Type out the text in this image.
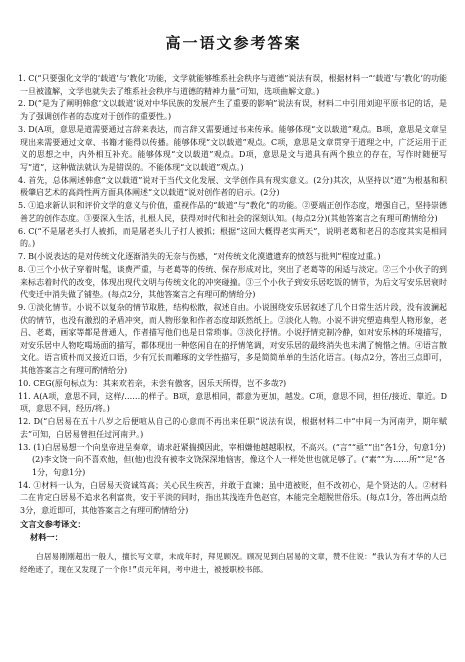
高一语文参考答案

1. C(“只要强化文学的‘载道’与‘教化’功能，文学就能够维系社会秩序与道德”说法有误，根据材料一“‘载道’与‘教化’的功能一旦被滥解，文学也就失去了维系社会秩序与道德的精神力量”可知，选项曲解文意。)

2. D(“是为了阐明韩愈‘文以载道’说对中华民族的发展产生了重要的影响”说法有误，材料二中引用刘迎平原书记的话，是为了强调创作者的态度对于创作的重要性。)

3. D(A项，意思是道需要通过言辞来表达，而言辞又需要通过书来传承。能够体现“文以载道”观点。B项，意思是文章呈现出来需要通过文章、书籍才能得以传播。能够体现“文以载道”观点。C项，意思是文章贯穿于道理之中，广泛运用于正义的思想之中，内外相互补充。能够体现“文以载道”观点。D项，意思是文与道具有两个独立的存在，写作时随便写写“道”，这种做法就认为是错误的。不能体现“文以载道”观点。)

4. 首先，总体阐述韩愈“文以载道”说对于当代文化发展、文学创作具有现实意义。(2分)其次，从坚持以“道”为根基和积极肇启艺术的高尚性两方面具体阐述“文以载道”说对创作者的启示。(2分)

5. ①追求新认识和评价文学的意义与价值，重视作品的“载道”与“教化”的功能。②要端正创作态度，增强自己，坚持崇德善艺的创作态度。③要深入生活，扎根人民，获得对时代和社会的深刻认知。(每点2分)(其他答案言之有理可酌情给分)

6. C(“不是屠老头打人被抓，而是屠老头儿子打人被抓；根据“这回大概得老实两天”，说明老葛和老吕的态度其实是相同的。)

7. B(小说表达的是对传统文化逐渐消失的无奈与伤感，“对传统文化漠遗遗弃的愤怒与批判”程度过重。)

8. ①三个小伙子穿着时髦，谈费严重，与老葛等的传统、保存形成对比，突出了老葛等的闲适与淡定。②三个小伙子的到来标志着时代的改变，体现出现代文明与传统文化的冲突碰撞。③三个小伙子到安乐居吃饭的情节，为后文写安乐居衰时代变迁中消失做了铺垫。(每点2分，其他答案言之有理可酌情给分)

9. ①淡化情节。小说不以复杂的情节取胜，结构松散，叙述自由。小说围绕安乐居叙述了几个日常生活片段，没有波澜起伏的情节，也没有激烈的矛盾冲突，而人物形象和作者态度却跃然纸上。②淡化人物。小说不讲究塑造典型人物形象，老吕、老葛，画家等都是普通人，作者描写他们也是日常琐事。③淡化抒情。小说抒情克制冷静，如对安乐林的环境描写，对安乐居中人物吃喝场面的描写，都体现出一种悠闲自在的抒情笔调，对安乐居的最终消失也未满了惋惜之情。④语言散文化。语言质朴而又接近口语，少有冗长而雕琢的文学性描写，多是简简单单的生活化语言。(每点2分，答出三点即可，其他答案言之有理可酌情给分)

10. CEG(原句标点为：其来欢若亲，未尝有傲客，因乐天所得，岂不多哉?)

11. A(A项，意思不同，这样/……的样子。B项，意思相同，都意为更加，越发。C项，意思不同，担任/接近、靠近。D项，意思不同，经历/将。)

12. D(“白居易在五十八岁之后便喧从自己的心意而不再出来任职”说法有误，根据材料二中“中间一为河南尹，期年赋去”可知，白居易曾担任过河南尹。)

13. (1)白居易想一个向皇帝进呈奏章，请求赶紧揣摸因此，宰相嫌他越越职权，不高兴。(“言”“亟”“出”各1分，句意1分)

(2)李文饶一向不喜欢他，但(他)也没有被李文饶深深地恼害，像这个人一样处世也就足够了。(“素”“为……所”“足”各1分，句意1分)

14. ①材料一认为，白居易天资诚笃高；关心民生疾苦，并敢于直谏；虽中道被贬，但不改初心，是个贤达的人。②材料二在肯定白居易不追求名利富贵，安于平淡的同时，指出其浅连升色赵官，本能完全超脱世俗乐。(每点1分，答出两点给3分，意近即可，其他答案言之有理可酌情给分)

文言文参考译文：
材料一：

白居易刚刚超出一般人，擅长写文章，未成年时，拜见顾况。顾况见到白居易的文章，赞不住说：“我认为有才华的人已经绝迹了，现在又发现了一个你!”贞元年间，考中进士，被授职校书郎。
